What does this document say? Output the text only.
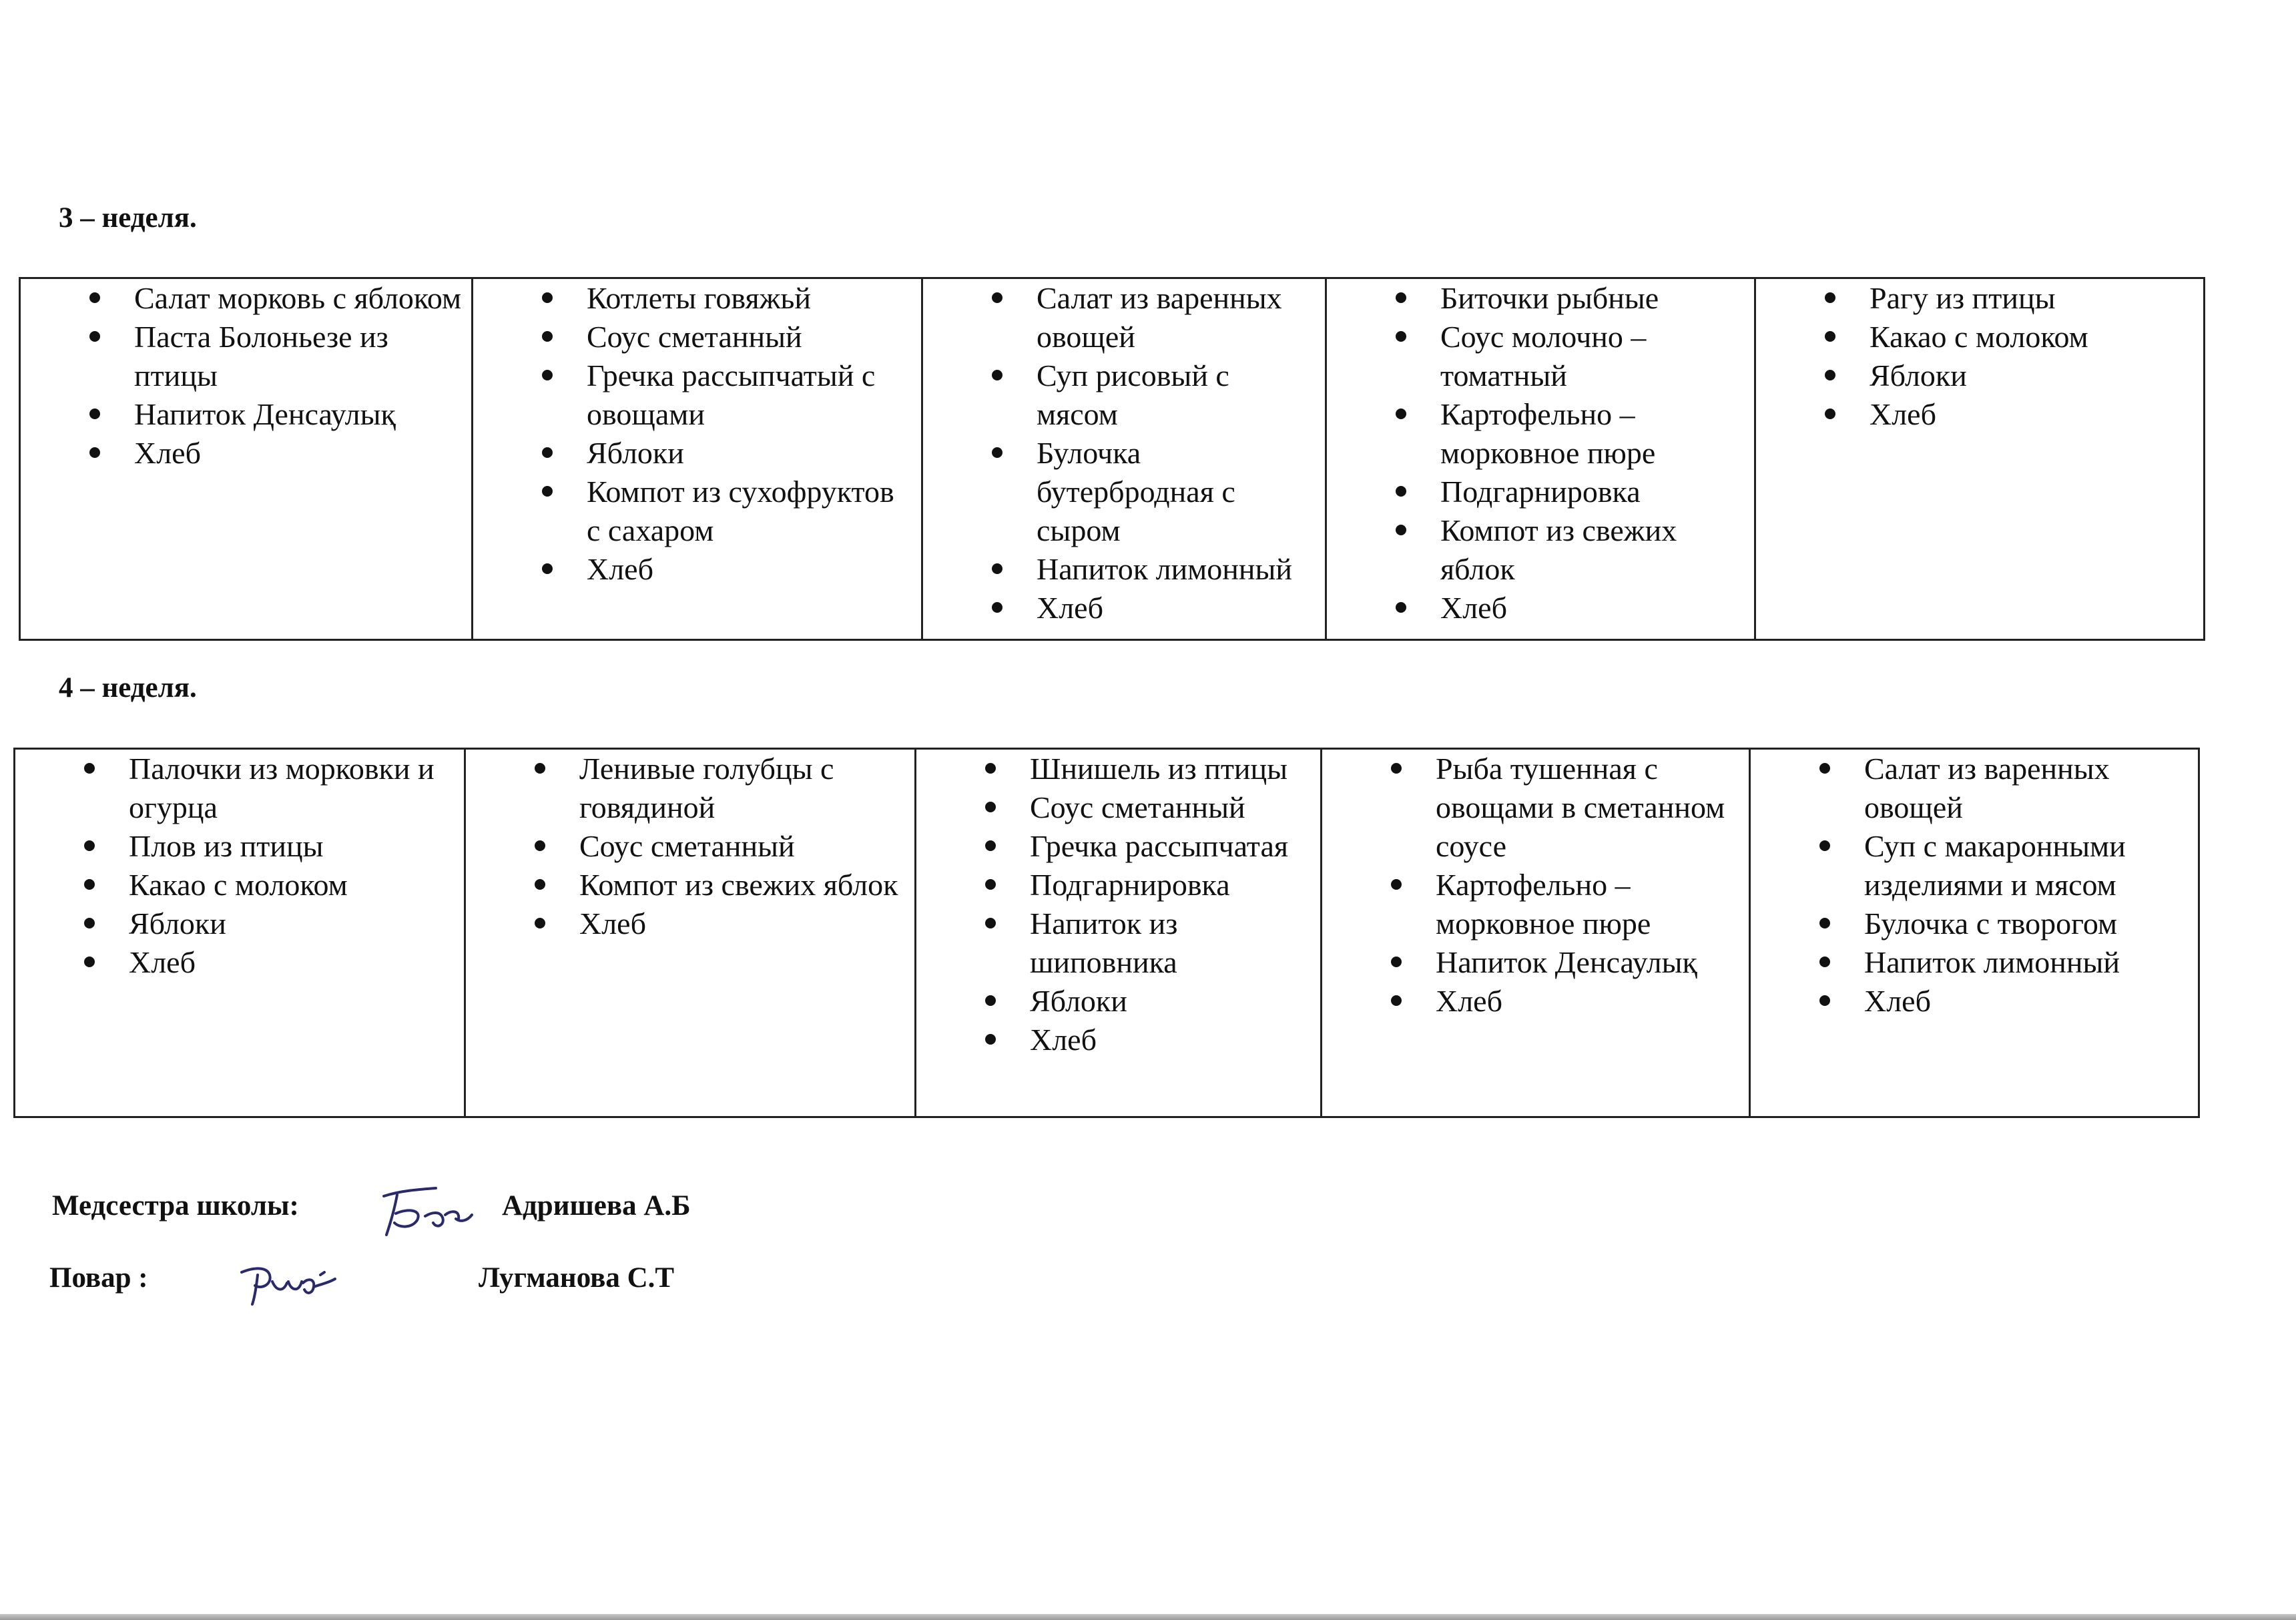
3 – неделя.
Салат морковь с яблоком
Паста Болоньезе из птицы
Напиток Денсаулық
Хлеб

Котлеты говяжьй
Соус сметанный
Гречка рассыпчатый с овощами
Яблоки
Компот из сухофруктов с сахаром
Хлеб

Салат из варенных овощей
Суп рисовый с мясом
Булочка бутербродная с сыром
Напиток лимонный
Хлеб

Биточки рыбные
Соус молочно – томатный
Картофельно – морковное пюре
Подгарнировка
Компот из свежих яблок
Хлеб

Рагу из птицы
Какао с молоком
Яблоки
Хлеб
4 – неделя.
Палочки из морковки и огурца
Плов из птицы
Какао с молоком
Яблоки
Хлеб

Ленивые голубцы с говядиной
Соус сметанный
Компот из свежих яблок
Хлеб

Шнишель из птицы
Соус сметанный
Гречка рассыпчатая
Подгарнировка
Напиток из шиповника
Яблоки
Хлеб

Рыба тушенная с овощами в сметанном соусе
Картофельно – морковное пюре
Напиток Денсаулық
Хлеб

Салат из варенных овощей
Суп с макаронными изделиями и мясом
Булочка с творогом
Напиток лимонный
Хлеб
Медсестра школы:	Адришева А.Б
Повар :	Лугманова С.Т
